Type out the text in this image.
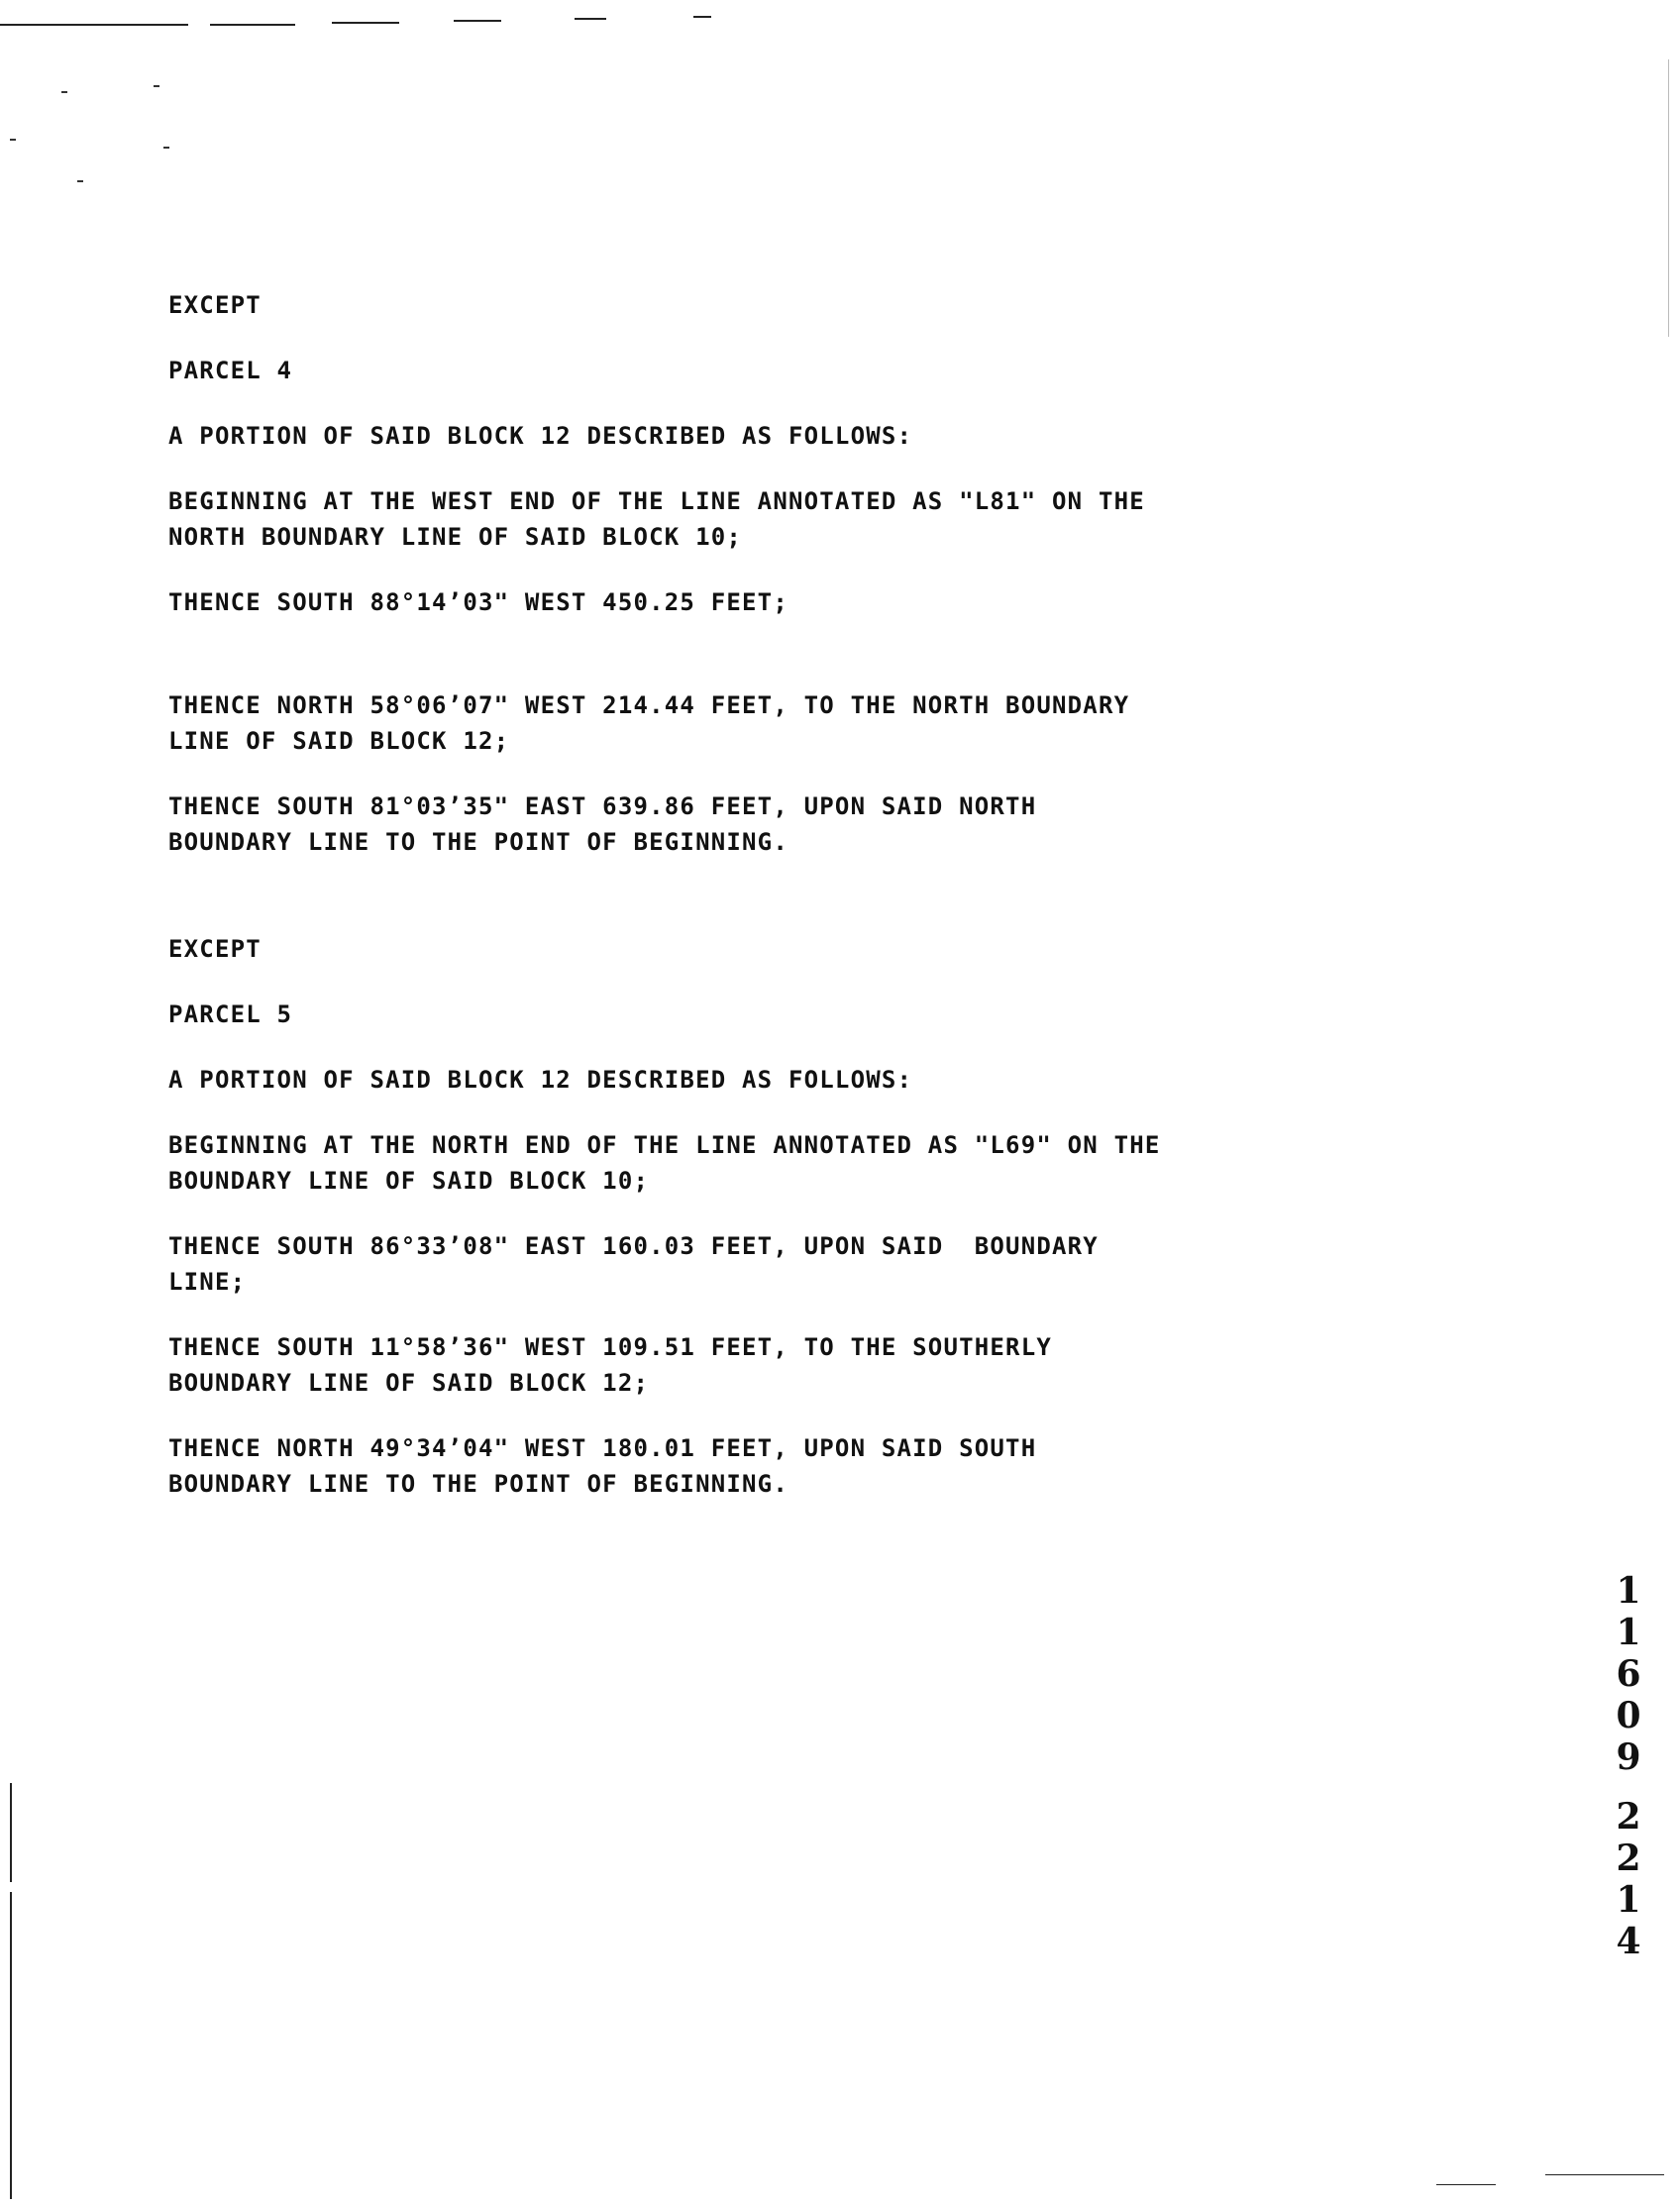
EXCEPT

PARCEL 4

A PORTION OF SAID BLOCK 12 DESCRIBED AS FOLLOWS:

BEGINNING AT THE WEST END OF THE LINE ANNOTATED AS "L81" ON THE
NORTH BOUNDARY LINE OF SAID BLOCK 10;

THENCE SOUTH 88°14’03" WEST 450.25 FEET;

THENCE NORTH 58°06’07" WEST 214.44 FEET, TO THE NORTH BOUNDARY
LINE OF SAID BLOCK 12;

THENCE SOUTH 81°03’35" EAST 639.86 FEET, UPON SAID NORTH
BOUNDARY LINE TO THE POINT OF BEGINNING.

EXCEPT

PARCEL 5

A PORTION OF SAID BLOCK 12 DESCRIBED AS FOLLOWS:

BEGINNING AT THE NORTH END OF THE LINE ANNOTATED AS "L69" ON THE
BOUNDARY LINE OF SAID BLOCK 10;

THENCE SOUTH 86°33’08" EAST 160.03 FEET, UPON SAID  BOUNDARY
LINE;

THENCE SOUTH 11°58’36" WEST 109.51 FEET, TO THE SOUTHERLY
BOUNDARY LINE OF SAID BLOCK 12;

THENCE NORTH 49°34’04" WEST 180.01 FEET, UPON SAID SOUTH
BOUNDARY LINE TO THE POINT OF BEGINNING.

1
1
6
0
9
2
2
1
4
